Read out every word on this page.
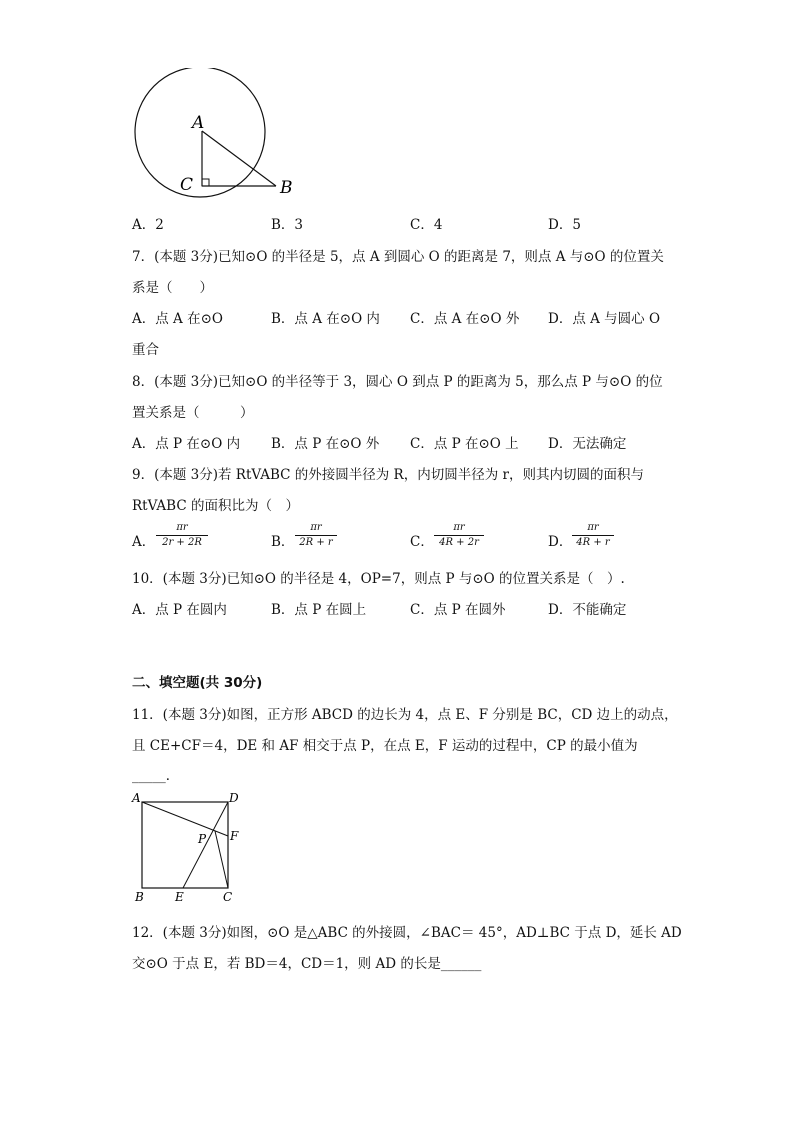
A
C	B
A．2	B．3	C．4	D．5
7．(本题 3分)已知⊙O 的半径是 5，点 A 到圆心 O 的距离是 7，则点 A 与⊙O 的位置关
系是（　　）
A．点 A 在⊙O	B．点 A 在⊙O 内 C．点 A 在⊙O 外 D．点 A 与圆心 O
重合
8．(本题 3分)已知⊙O 的半径等于 3，圆心 O 到点 P 的距离为 5，那么点 P 与⊙O 的位
置关系是（　　　）
A．点 P 在⊙O 内 B．点 P 在⊙O 外 C．点 P 在⊙O 上 D．无法确定
9．(本题 3分)若 RtVABC 的外接圆半径为 R，内切圆半径为 r，则其内切圆的面积与
RtVABC 的面积比为（　）
A．
πr
2r + 2R	B．
πr
2R + r	C．
πr
4R + 2r	D．
πr
4R + r
10．(本题 3分)已知⊙O 的半径是 4，OP=7，则点 P 与⊙O 的位置关系是（　）.
A．点 P 在圆内	B．点 P 在圆上	C．点 P 在圆外	D．不能确定
二、填空题(共 30分)
11．(本题 3分)如图，正方形 ABCD 的边长为 4，点 E、F 分别是 BC，CD 边上的动点，
且 CE+CF＝4，DE 和 AF 相交于点 P，在点 E，F 运动的过程中，CP 的最小值为
_____．
A	D
F
P
B	E	C
12．(本题 3分)如图，⊙O 是△ABC 的外接圆，∠BAC＝ 45°，AD⊥BC 于点 D，延长 AD
交⊙O 于点 E，若 BD＝4，CD＝1，则 AD 的长是______
